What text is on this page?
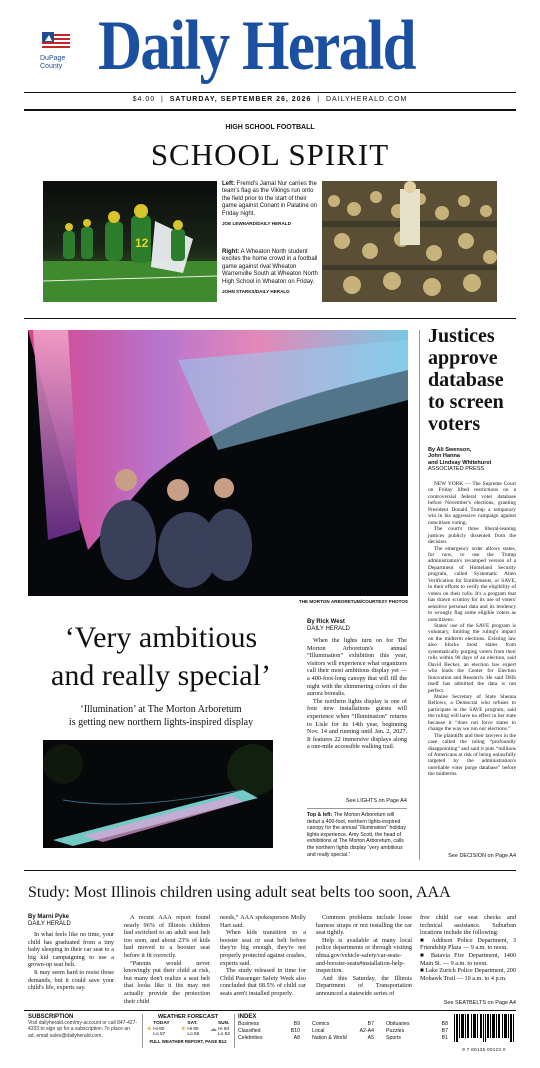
DuPage
County Daily Herald
$4.00  |  SATURDAY, SEPTEMBER 26, 2026  |  DAILYHERALD.COM
HIGH SCHOOL FOOTBALL
SCHOOL SPIRIT
12
Left: Fremd's Jamal Nur carries the team's flag as the Vikings run onto the field prior to the start of their game against Conant in Palatine on Friday night.
JOE LEWNARD/DAILY HERALD
Right: A Wheaton North student excites the home crowd in a football game against rival Wheaton Warrenville South at Wheaton North High School in Wheaton on Friday.
JOHN STARKS/DAILY HERALD
THE MORTON ARBORETUM/COURTESY PHOTOS
‘Very ambitious
and really special’
‘Illumination’ at The Morton Arboretum
is getting new northern lights-inspired display
By Rick West
DAILY HERALD

When the lights turn on for The Morton Arboretum's annual “Illumination” exhibition this year, visitors will experience what organizers call their most ambitious display yet — a 400-foot-long canopy that will fill the night with the shimmering colors of the aurora borealis.

The northern lights display is one of four new installations guests will experience when “Illumination” returns to Lisle for its 14th year, beginning Nov. 14 and running until Jan. 2, 2027. It features 22 immersive displays along a one-mile accessible walking trail.

See LIGHTS on Page A4
Top & left: The Morton Arboretum will debut a 400-foot, northern lights-inspired canopy for the annual “Illumination” holiday lights experience. Amy Scott, the head of exhibitions at The Morton Arboretum, calls the northern lights display “very ambitious and really special.”
Justices
approve
database
to screen
voters
By Ali Swenson,
John Hanna
and Lindsay Whitehurst
ASSOCIATED PRESS

NEW YORK — The Supreme Court on Friday lifted restrictions on a controversial federal voter database before November's elections, granting President Donald Trump a temporary win in his aggressive campaign against noncitizen voting.

The court's three liberal-leaning justices publicly dissented from the decision.

The emergency order allows states, for now, to use the Trump administration's revamped version of a Department of Homeland Security program, called Systematic Alien Verification for Entitlements, or SAVE, in their efforts to verify the eligibility of voters on their rolls. It's a program that has drawn scrutiny for its use of voters' sensitive personal data and its tendency to wrongly flag some eligible voters as noncitizens.

States' use of the SAVE program is voluntary, limiting the ruling's impact on the midterm elections. Existing law also blocks most states from systematically purging voters from their rolls within 90 days of an election, said David Becker, an election law expert who leads the Center for Election Innovation and Research. He said DHS itself has admitted the data is not perfect.

Maine Secretary of State Shenna Bellows, a Democrat who refuses to participate in the SAVE program, said the ruling will have no effect in her state because it “does not force states to change the way we run our elections.”

The plaintiffs and their lawyers in the case called the ruling “profoundly disappointing” and said it puts “millions of Americans at risk of being unlawfully targeted by the administration's unreliable voter purge database” before the midterms.

See DECISION on Page A4
Study: Most Illinois children using adult seat belts too soon, AAA
By Marni Pyke
DAILY HERALD

In what feels like no time, your child has graduated from a tiny baby sleeping in their car seat to a big kid campaigning to use a grown-up seat belt.

It may seem hard to resist those demands, but it could save your child's life, experts say.

A recent AAA report found nearly 96% of Illinois children had switched to an adult seat belt too soon, and about 23% of kids had moved to a booster seat before it fit correctly.

“Parents would never knowingly put their child at risk, but many don't realize a seat belt that looks like it fits may not actually provide the protection their child

needs,” AAA spokesperson Molly Hart said.

When kids transition to a booster seat or seat belt before they're big enough, they're not properly protected against crashes, experts said.

The study released in time for Child Passenger Safety Week also concluded that 68.5% of child car seats aren't installed properly.

Common problems include loose harness straps or not installing the car seat tightly.

Help is available at many local police departments or through visiting nhtsa.gov/vehicle-safety/car-seats-and-booster-seats#installation-help-inspection.

And this Saturday, the Illinois Department of Transportation announced a statewide series of

free child car seat checks and technical assistance. Suburban locations include the following:

■ Addison Police Department, 3 Friendship Plaza — 9 a.m. to noon.

■ Batavia Fire Department, 1400 Main St. — 9 a.m. to noon.

■ Lake Zurich Police Department, 200 Mohawk Trail — 10 a.m. to 4 p.m.

See SEATBELTS on Page A4
SUBSCRIPTION
Visit dailyherald.com/my-account or call 847-427-4333 to sign up for a subscription. To place an ad, email sales@dailyherald.com.
WEATHER FORECAST
☀
TODAY
Hi 80
Lo 57
☀
SAT.
Hi 80
Lo 55
☁
SUN.
Hi 84
Lo 63
FULL WEATHER REPORT, PAGE B12
INDEX
Business	B9 Comics	B7 Obituaries	B8
Classified	B10 Local	A2-A4 Puzzles	B7
Celebrities	A8 Nation & World	A5 Sports	B1
9 7 80135 00123 0
